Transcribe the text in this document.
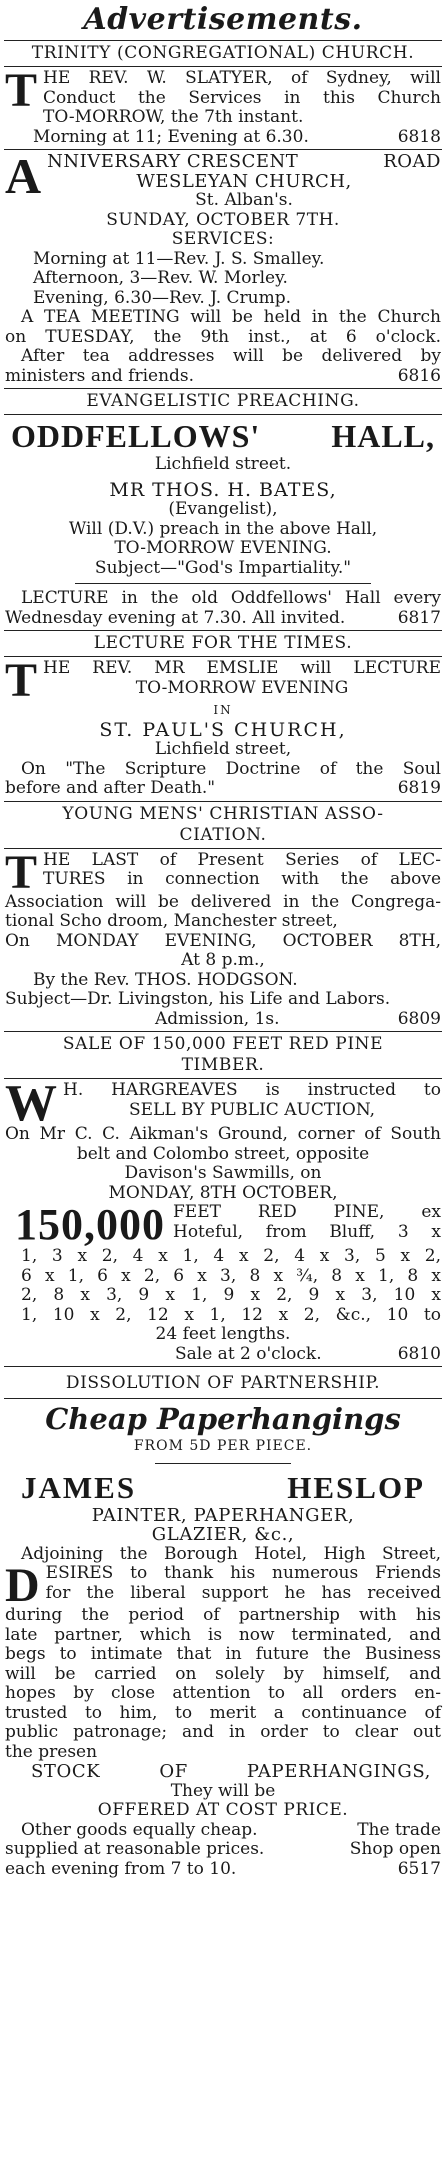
Advertisements.
TRINITY (CONGREGATIONAL) CHURCH.
T HE REV. W. SLATYER, of Sydney, will
Conduct the Services in this Church
TO-MORROW, the 7th instant.
Morning at 11; Evening at 6.30.	6818
A NNIVERSARY CRESCENT	ROAD
WESLEYAN CHURCH,
St. Alban's.
SUNDAY, OCTOBER 7TH.
SERVICES:
Morning at 11—Rev. J. S. Smalley.
Afternoon, 3—Rev. W. Morley.
Evening, 6.30—Rev. J. Crump.
A TEA MEETING will be held in the Church
on TUESDAY, the 9th inst., at 6 o'clock.
After tea addresses will be delivered by
ministers and friends.	6816
EVANGELISTIC PREACHING.
ODDFELLOWS' HALL,
Lichfield street.
MR THOS. H. BATES,
(Evangelist),
Will (D.V.) preach in the above Hall,
TO-MORROW EVENING.
Subject—"God's Impartiality."
LECTURE in the old Oddfellows' Hall every
Wednesday evening at 7.30. All invited.	6817
LECTURE FOR THE TIMES.
T HE REV. MR EMSLIE will LECTURE
TO-MORROW EVENING
IN
ST. PAUL'S CHURCH,
Lichfield street,
On "The Scripture Doctrine of the Soul
before and after Death."	6819
YOUNG MENS' CHRISTIAN ASSO-
CIATION.
T HE LAST of Present Series of LEC-
TURES in connection with the above
Association will be delivered in the Congrega-
tional Scho droom, Manchester street,
On MONDAY EVENING, OCTOBER 8TH,
At 8 p.m.,
By the Rev. THOS. HODGSON.
Subject—Dr. Livingston, his Life and Labors.
Admission, 1s.	6809
SALE OF 150,000 FEET RED PINE
TIMBER.
W H. HARGREAVES is instructed to
SELL BY PUBLIC AUCTION,
On Mr C. C. Aikman's Ground, corner of South
belt and Colombo street, opposite
Davison's Sawmills, on
MONDAY, 8TH OCTOBER,
150,000 FEET RED PINE, ex
Hoteful, from Bluff, 3 x
1, 3 x 2, 4 x 1, 4 x 2, 4 x 3, 5 x 2,
6 x 1, 6 x 2, 6 x 3, 8 x ¾, 8 x 1, 8 x
2, 8 x 3, 9 x 1, 9 x 2, 9 x 3, 10 x
1, 10 x 2, 12 x 1, 12 x 2, &c., 10 to
24 feet lengths.
Sale at 2 o'clock.	6810
DISSOLUTION OF PARTNERSHIP.
Cheap Paperhangings
FROM 5D PER PIECE.
JAMES	HESLOP
PAINTER, PAPERHANGER,
GLAZIER, &c.,
Adjoining the Borough Hotel, High Street,
D ESIRES to thank his numerous Friends
for the liberal support he has received
during the period of partnership with his
late partner, which is now terminated, and
begs to intimate that in future the Business
will be carried on solely by himself, and
hopes by close attention to all orders en-
trusted to him, to merit a continuance of
public patronage; and in order to clear out
the presen
STOCK	OF	PAPERHANGINGS,
They will be
OFFERED AT COST PRICE.
Other goods equally cheap.	The trade
supplied at reasonable prices.	Shop open
each evening from 7 to 10.	6517
